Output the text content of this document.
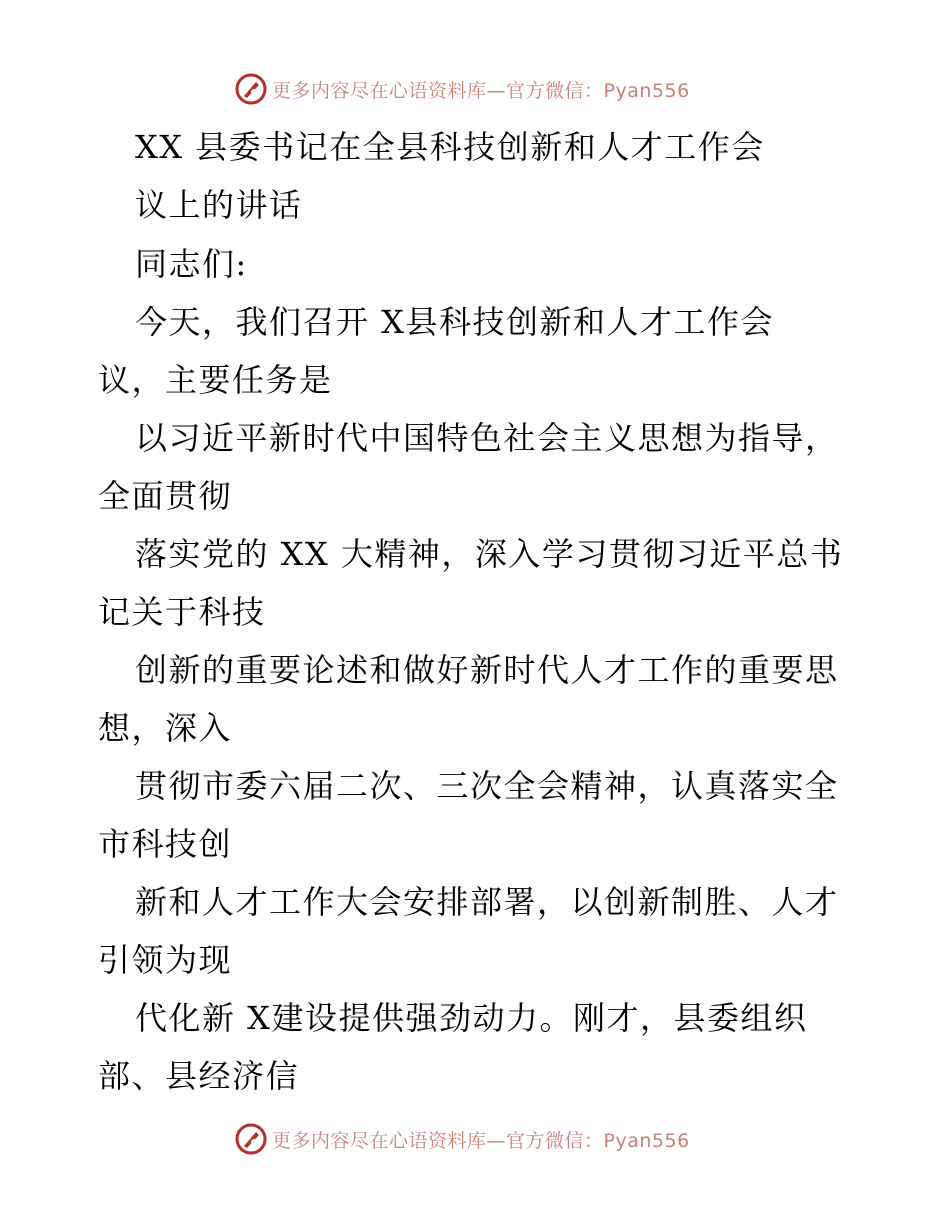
更多内容尽在心语资料库—官方微信：Pyan556
XX 县委书记在全县科技创新和人才工作会
议上的讲话
同志们:
今天，我们召开 X县科技创新和人才工作会
议，主要任务是
以习近平新时代中国特色社会主义思想为指导，
全面贯彻
落实党的 XX 大精神，深入学习贯彻习近平总书
记关于科技
创新的重要论述和做好新时代人才工作的重要思
想，深入
贯彻市委六届二次、三次全会精神，认真落实全
市科技创
新和人才工作大会安排部署，以创新制胜、人才
引领为现
代化新 X建设提供强劲动力。刚才，县委组织
部、县经济信
更多内容尽在心语资料库—官方微信：Pyan556
